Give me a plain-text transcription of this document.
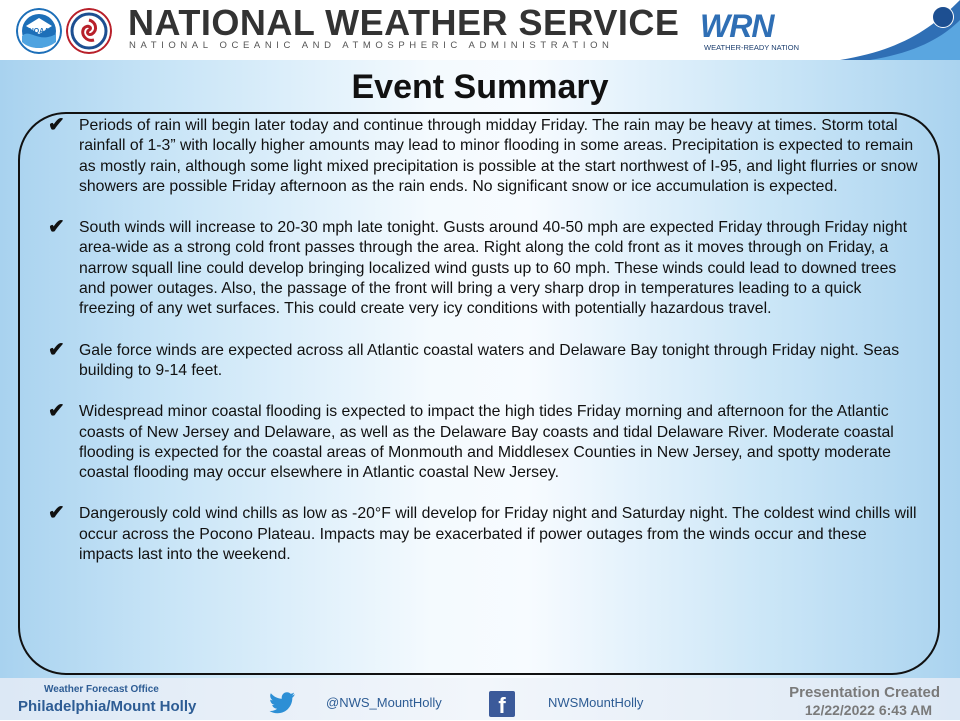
NOAA NATIONAL WEATHER SERVICE
NATIONAL OCEANIC AND ATMOSPHERIC ADMINISTRATION
WRN
WEATHER-READY NATION
Event Summary
✔ Periods of rain will begin later today and continue through midday Friday. The rain may be heavy at times. Storm total rainfall of 1-3” with locally higher amounts may lead to minor flooding in some areas. Precipitation is expected to remain as mostly rain, although some light mixed precipitation is possible at the start northwest of I-95, and light flurries or snow showers are possible Friday afternoon as the rain ends. No significant snow or ice accumulation is expected.
✔ South winds will increase to 20-30 mph late tonight. Gusts around 40-50 mph are expected Friday through Friday night area-wide as a strong cold front passes through the area. Right along the cold front as it moves through on Friday, a narrow squall line could develop bringing localized wind gusts up to 60 mph. These winds could lead to downed trees and power outages. Also, the passage of the front will bring a very sharp drop in temperatures leading to a quick freezing of any wet surfaces. This could create very icy conditions with potentially hazardous travel.
✔ Gale force winds are expected across all Atlantic coastal waters and Delaware Bay tonight through Friday night. Seas building to 9-14 feet.
✔ Widespread minor coastal flooding is expected to impact the high tides Friday morning and afternoon for the Atlantic coasts of New Jersey and Delaware, as well as the Delaware Bay coasts and tidal Delaware River. Moderate coastal flooding is expected for the coastal areas of Monmouth and Middlesex Counties in New Jersey, and spotty moderate coastal flooding may occur elsewhere in Atlantic coastal New Jersey.
✔ Dangerously cold wind chills as low as -20°F will develop for Friday night and Saturday night. The coldest wind chills will occur across the Pocono Plateau. Impacts may be exacerbated if power outages from the winds occur and these impacts last into the weekend.
Weather Forecast Office
Philadelphia/Mount Holly	@NWS_MountHolly	f	NWSMountHolly
Presentation Created
12/22/2022 6:43 AM
